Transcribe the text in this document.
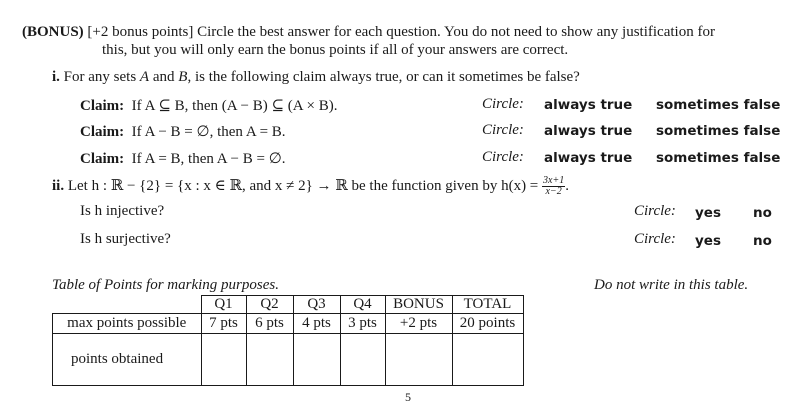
(BONUS) [+2 bonus points] Circle the best answer for each question. You do not need to show any justification for
this, but you will only earn the bonus points if all of your answers are correct.
i. For any sets A and B, is the following claim always true, or can it sometimes be false?
Claim: If A ⊆ B, then (A − B) ⊆ (A × B).	Circle: always true sometimes false
Claim: If A − B = ∅, then A = B.	Circle: always true sometimes false
Claim: If A = B, then A − B = ∅.	Circle: always true sometimes false
ii. Let h : ℝ − {2} = {x : x ∈ ℝ, and x ≠ 2} → ℝ be the function given by $h(x) = \frac{3x+1}{x-2}$ .
Is h injective?	Circle: yes no
Is h surjective?	Circle: yes no
Table of Points for marking purposes.	Do not write in this table.
	Q1	Q2	Q3	Q4	BONUS	TOTAL
max points possible	7 pts	6 pts	4 pts	3 pts	+2 pts	20 points
points obtained						
5
